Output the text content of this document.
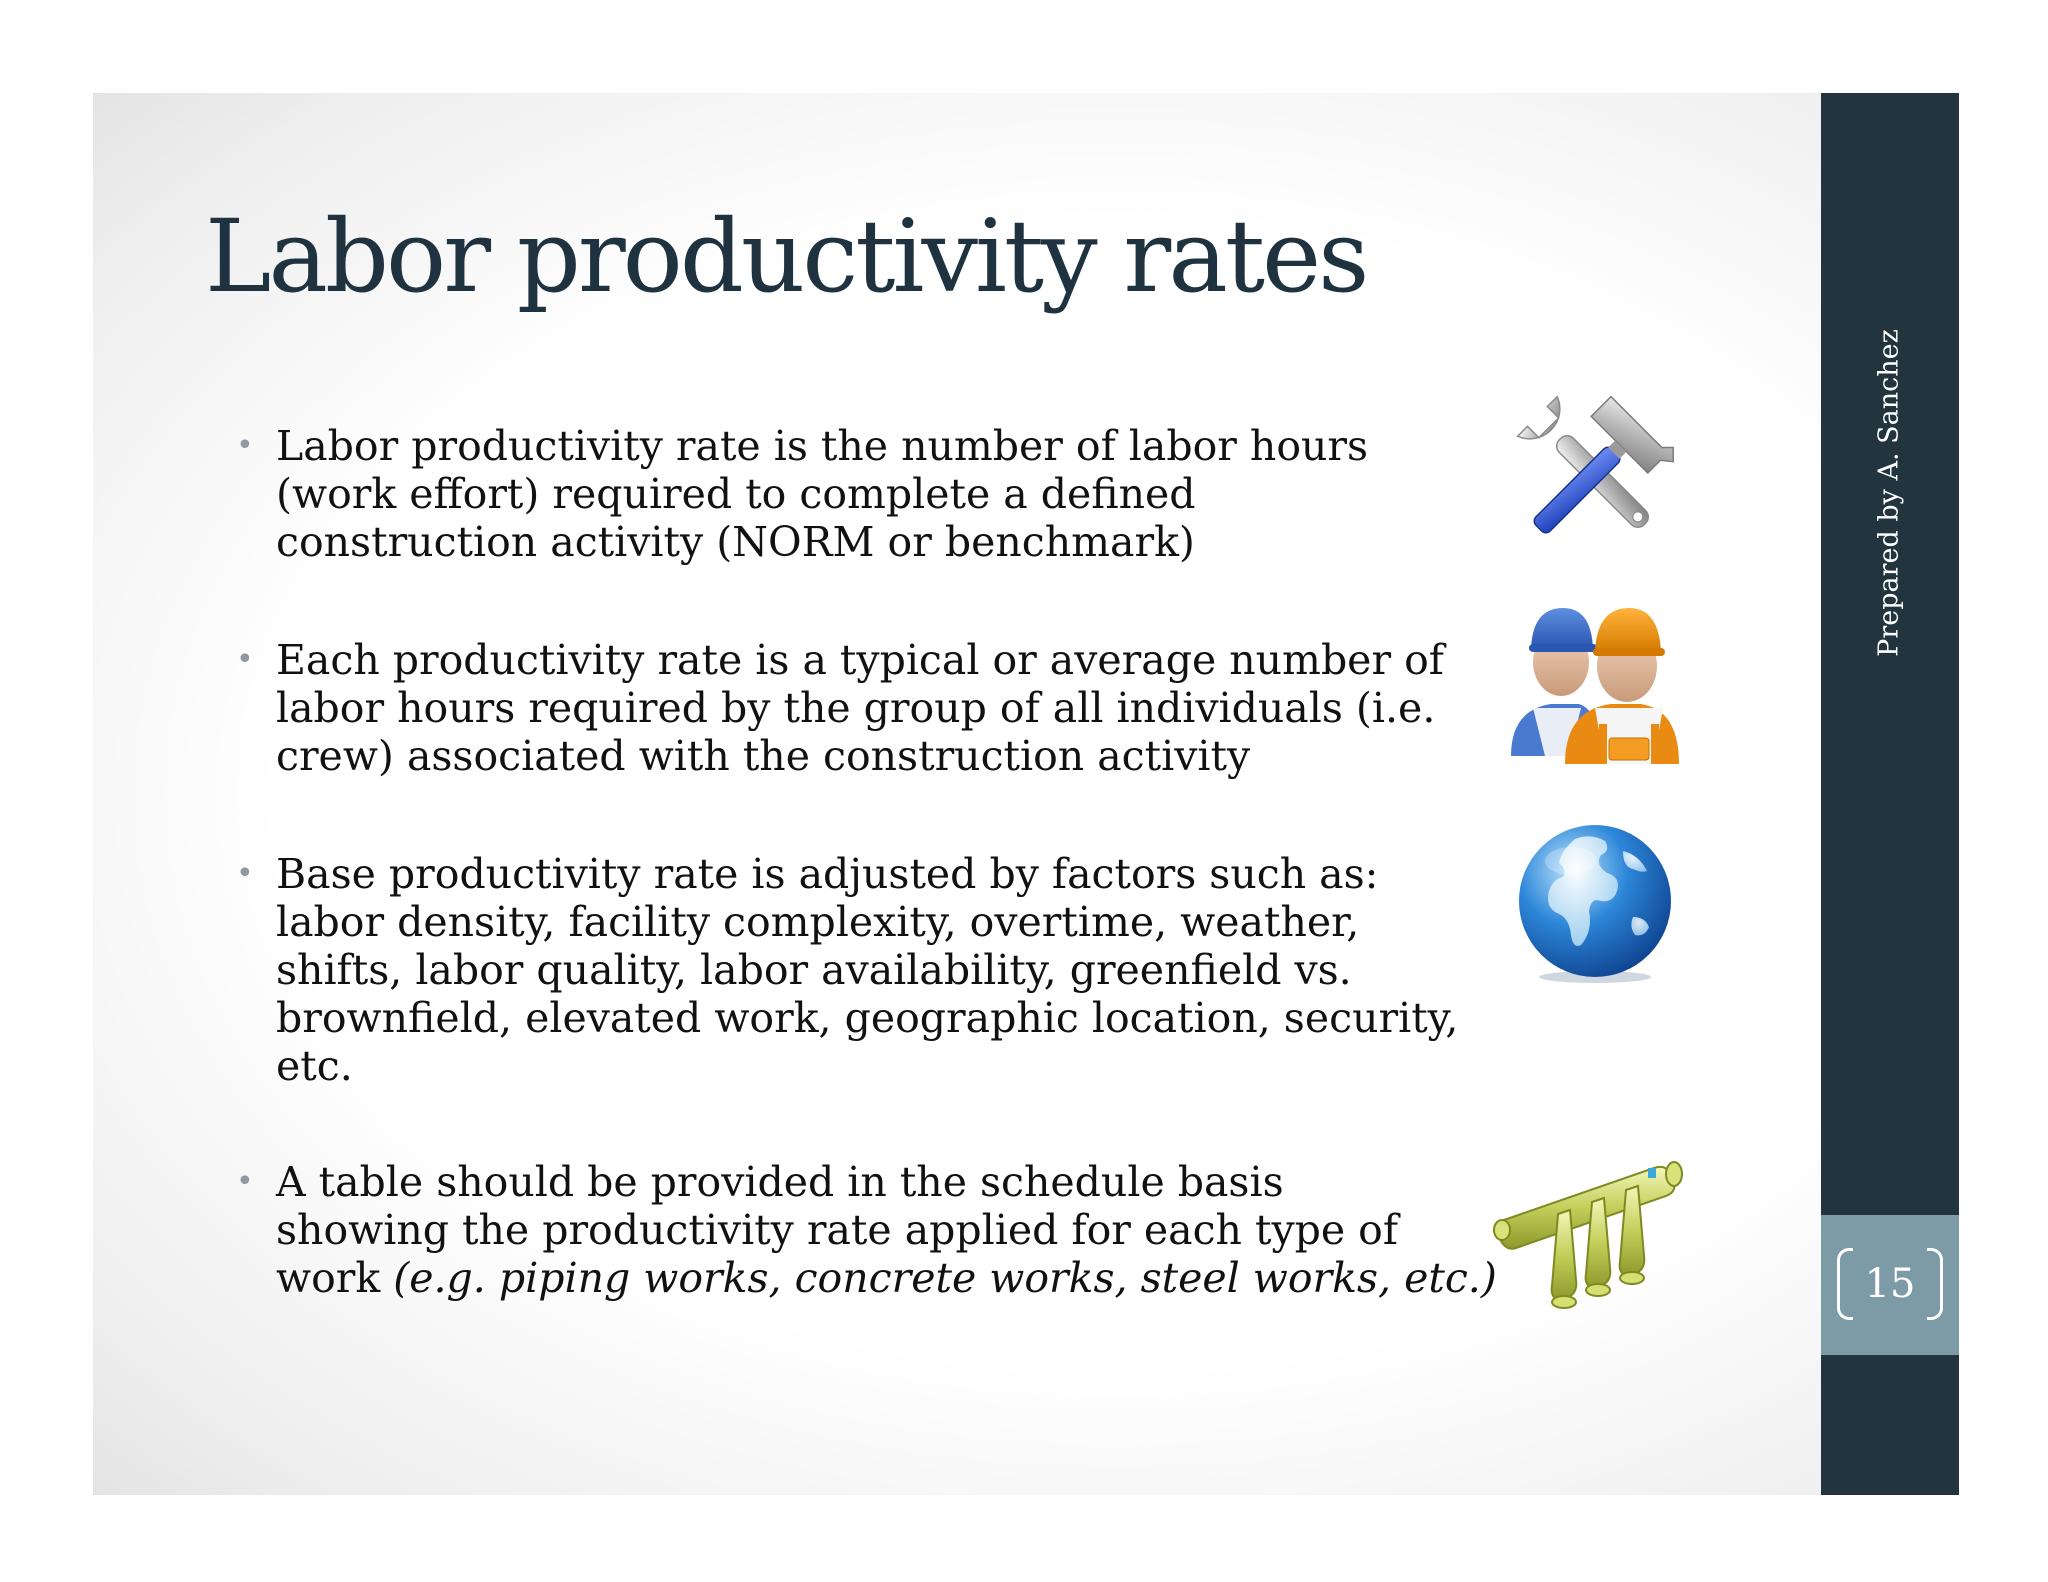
Labor productivity rates
• Labor productivity rate is the number of labor hours
(work effort) required to complete a defined
construction activity (NORM or benchmark)
• Each productivity rate is a typical or average number of
labor hours required by the group of all individuals (i.e.
crew) associated with the construction activity
• Base productivity rate is adjusted by factors such as:
labor density, facility complexity, overtime, weather,
shifts, labor quality, labor availability, greenfield vs.
brownfield, elevated work, geographic location, security,
etc.
• A table should be provided in the schedule basis
showing the productivity rate applied for each type of
work (e.g. piping works, concrete works, steel works, etc.)
Prepared by A. Sanchez
15
